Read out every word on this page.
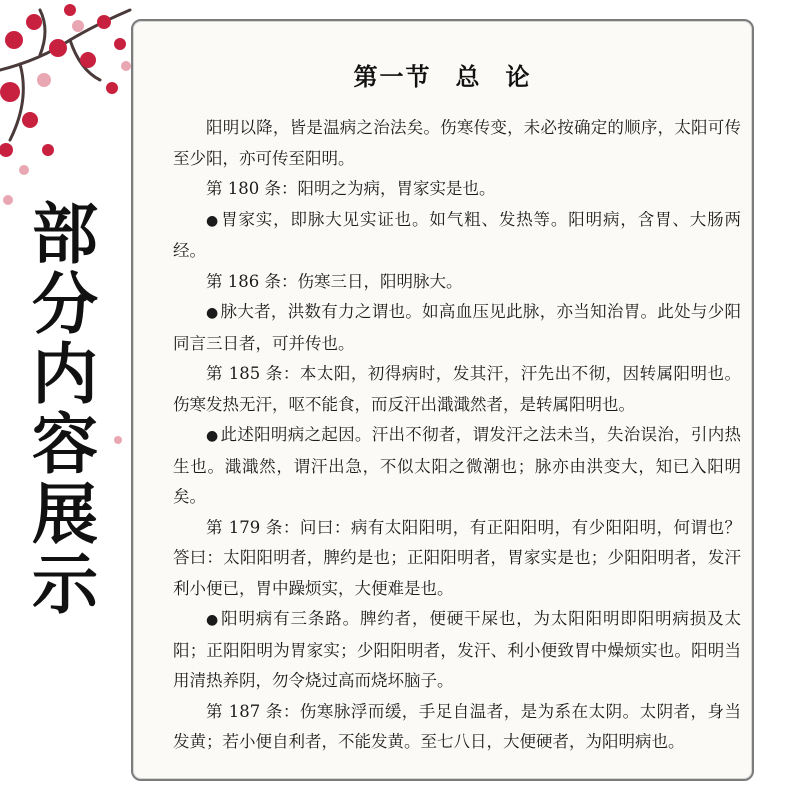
部
分
内
容
展
示
第一节 总 论

阳明以降，皆是温病之治法矣。伤寒传变，未必按确定的顺序，太阳可传至少阳，亦可传至阳明。

第 180 条：阳明之为病，胃家实是也。

● 胃家实，即脉大见实证也。如气粗、发热等。阳明病，含胃、大肠两经。

第 186 条：伤寒三日，阳明脉大。

● 脉大者，洪数有力之谓也。如高血压见此脉，亦当知治胃。此处与少阳同言三日者，可并传也。

第 185 条：本太阳，初得病时，发其汗，汗先出不彻，因转属阳明也。伤寒发热无汗，呕不能食，而反汗出濈濈然者，是转属阳明也。

● 此述阳明病之起因。汗出不彻者，谓发汗之法未当，失治误治，引内热生也。濈濈然，谓汗出急，不似太阳之微潮也；脉亦由洪变大，知已入阳明矣。

第 179 条：问曰：病有太阳阳明，有正阳阳明，有少阳阳明，何谓也？答曰：太阳阳明者，脾约是也；正阳阳明者，胃家实是也；少阳阳明者，发汗利小便已，胃中躁烦实，大便难是也。

● 阳明病有三条路。脾约者，便硬干屎也，为太阳阳明即阳明病损及太阳；正阳阳明为胃家实；少阳阳明者，发汗、利小便致胃中燥烦实也。阳明当用清热养阴，勿令烧过高而烧坏脑子。

第 187 条：伤寒脉浮而缓，手足自温者，是为系在太阴。太阴者，身当发黄；若小便自利者，不能发黄。至七八日，大便硬者，为阳明病也。
